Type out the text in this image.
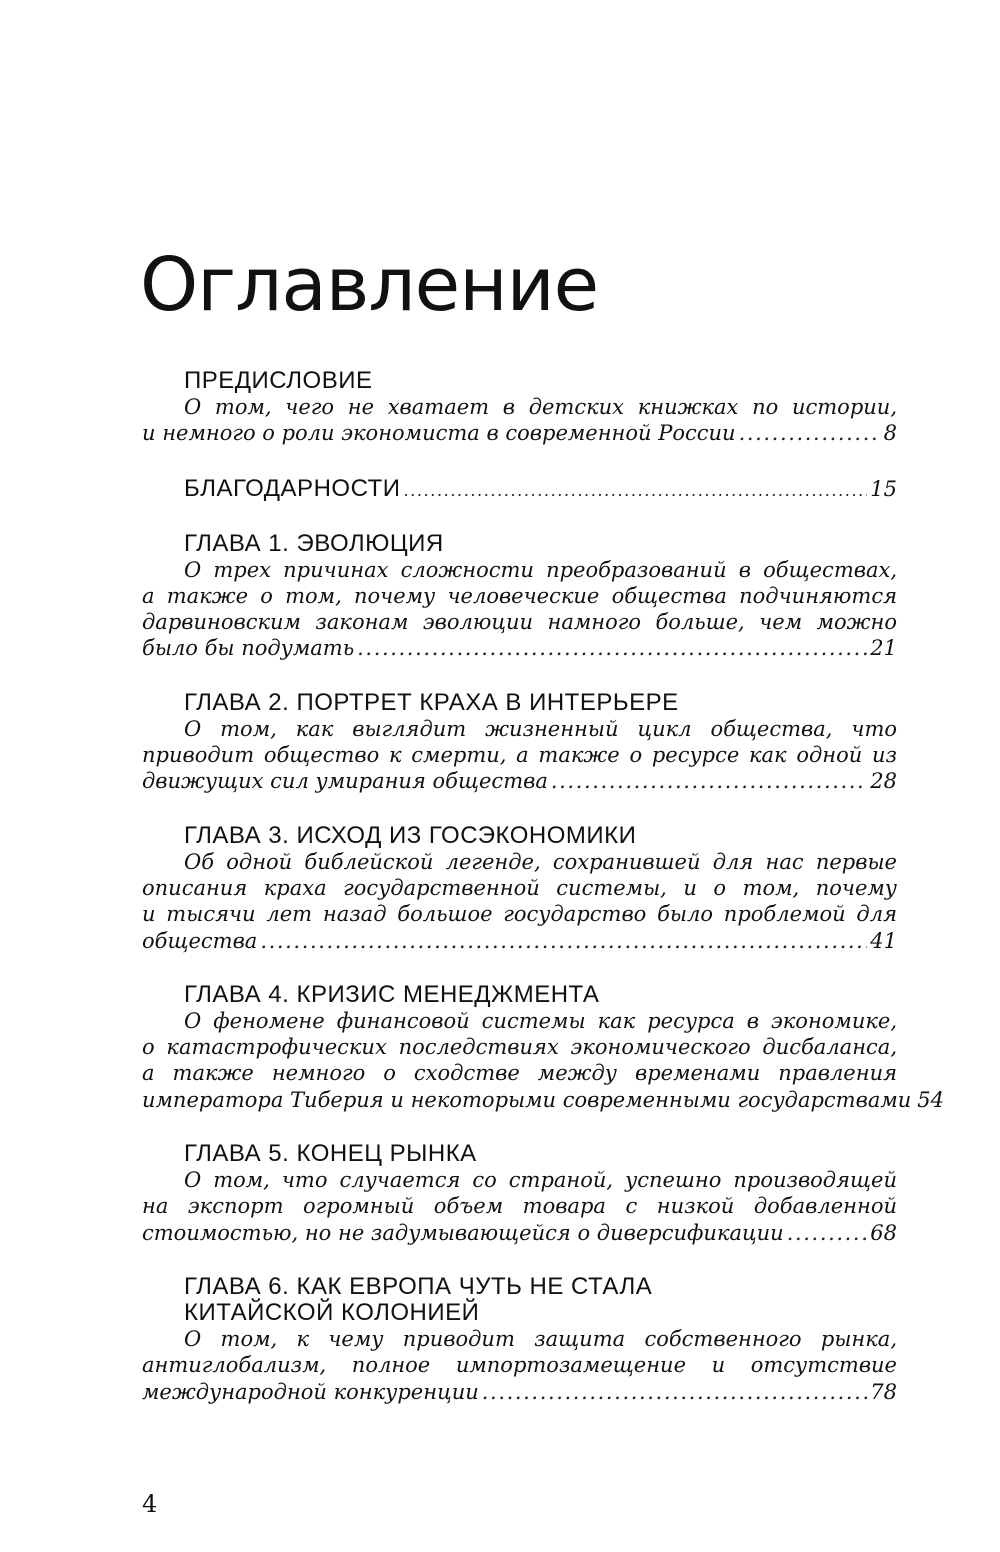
Оглавление
ПРЕДИСЛОВИЕ
О том, чего не хватает в детских книжках по истории,
и немного о роли экономиста в современной России .....	8
БЛАГОДАРНОСТИ .....	15
ГЛАВА 1. ЭВОЛЮЦИЯ
О трех причинах сложности преобразований в обществах,
а также о том, почему человеческие общества подчиняются
дарвиновским законам эволюции намного больше, чем можно
было бы подумать .....	21
ГЛАВА 2. ПОРТРЕТ КРАХА В ИНТЕРЬЕРЕ
О том, как выглядит жизненный цикл общества, что
приводит общество к смерти, а также о ресурсе как одной из
движущих сил умирания общества .....	28
ГЛАВА 3. ИСХОД ИЗ ГОСЭКОНОМИКИ
Об одной библейской легенде, сохранившей для нас первые
описания краха государственной системы, и о том, почему
и тысячи лет назад большое государство было проблемой для
общества .....	41
ГЛАВА 4. КРИЗИС МЕНЕДЖМЕНТА
О феномене финансовой системы как ресурса в экономике,
о катастрофических последствиях экономического дисбаланса,
а также немного о сходстве между временами правления
императора Тиберия и некоторыми современными государствами 54
ГЛАВА 5. КОНЕЦ РЫНКА
О том, что случается со страной, успешно производящей
на экспорт огромный объем товара с низкой добавленной
стоимостью, но не задумывающейся о диверсификации .....	68
ГЛАВА 6. КАК ЕВРОПА ЧУТЬ НЕ СТАЛА
КИТАЙСКОЙ КОЛОНИЕЙ
О том, к чему приводит защита собственного рынка,
антиглобализм, полное импортозамещение и отсутствие
международной конкуренции .....	78
4
